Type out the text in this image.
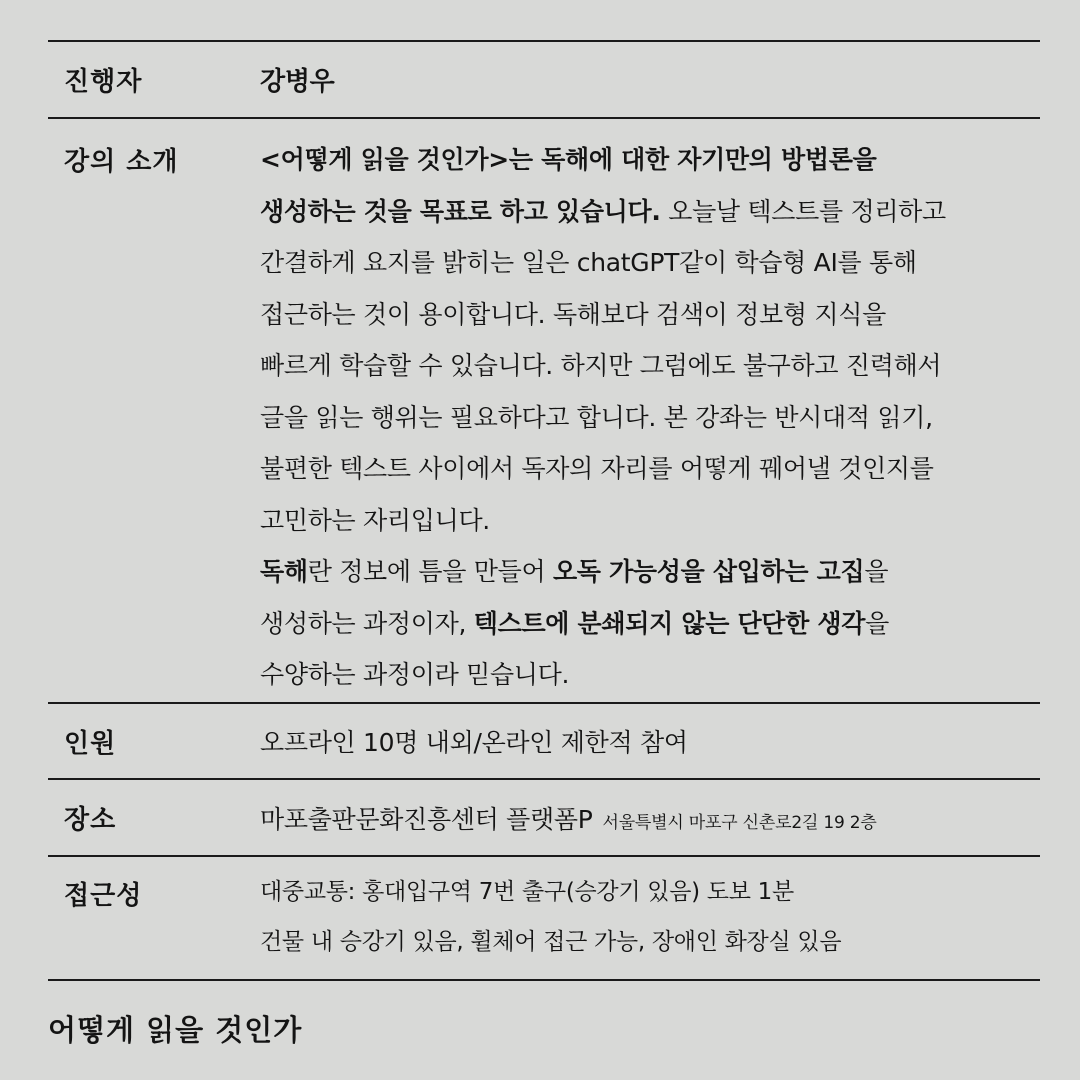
진행자	강병우
강의 소개	<어떻게 읽을 것인가>는 독해에 대한 자기만의 방법론을
생성하는 것을 목표로 하고 있습니다. 오늘날 텍스트를 정리하고
간결하게 요지를 밝히는 일은 chatGPT같이 학습형 AI를 통해
접근하는 것이 용이합니다. 독해보다 검색이 정보형 지식을
빠르게 학습할 수 있습니다. 하지만 그럼에도 불구하고 진력해서
글을 읽는 행위는 필요하다고 합니다. 본 강좌는 반시대적 읽기,
불편한 텍스트 사이에서 독자의 자리를 어떻게 꿰어낼 것인지를
고민하는 자리입니다.
독해란 정보에 틈을 만들어 오독 가능성을 삽입하는 고집을
생성하는 과정이자, 텍스트에 분쇄되지 않는 단단한 생각을
수양하는 과정이라 믿습니다.
인원	오프라인 10명 내외/온라인 제한적 참여
장소	마포출판문화진흥센터 플랫폼P 서울특별시 마포구 신촌로2길 19 2층
접근성	대중교통: 홍대입구역 7번 출구(승강기 있음) 도보 1분
건물 내 승강기 있음, 휠체어 접근 가능, 장애인 화장실 있음
어떻게 읽을 것인가
